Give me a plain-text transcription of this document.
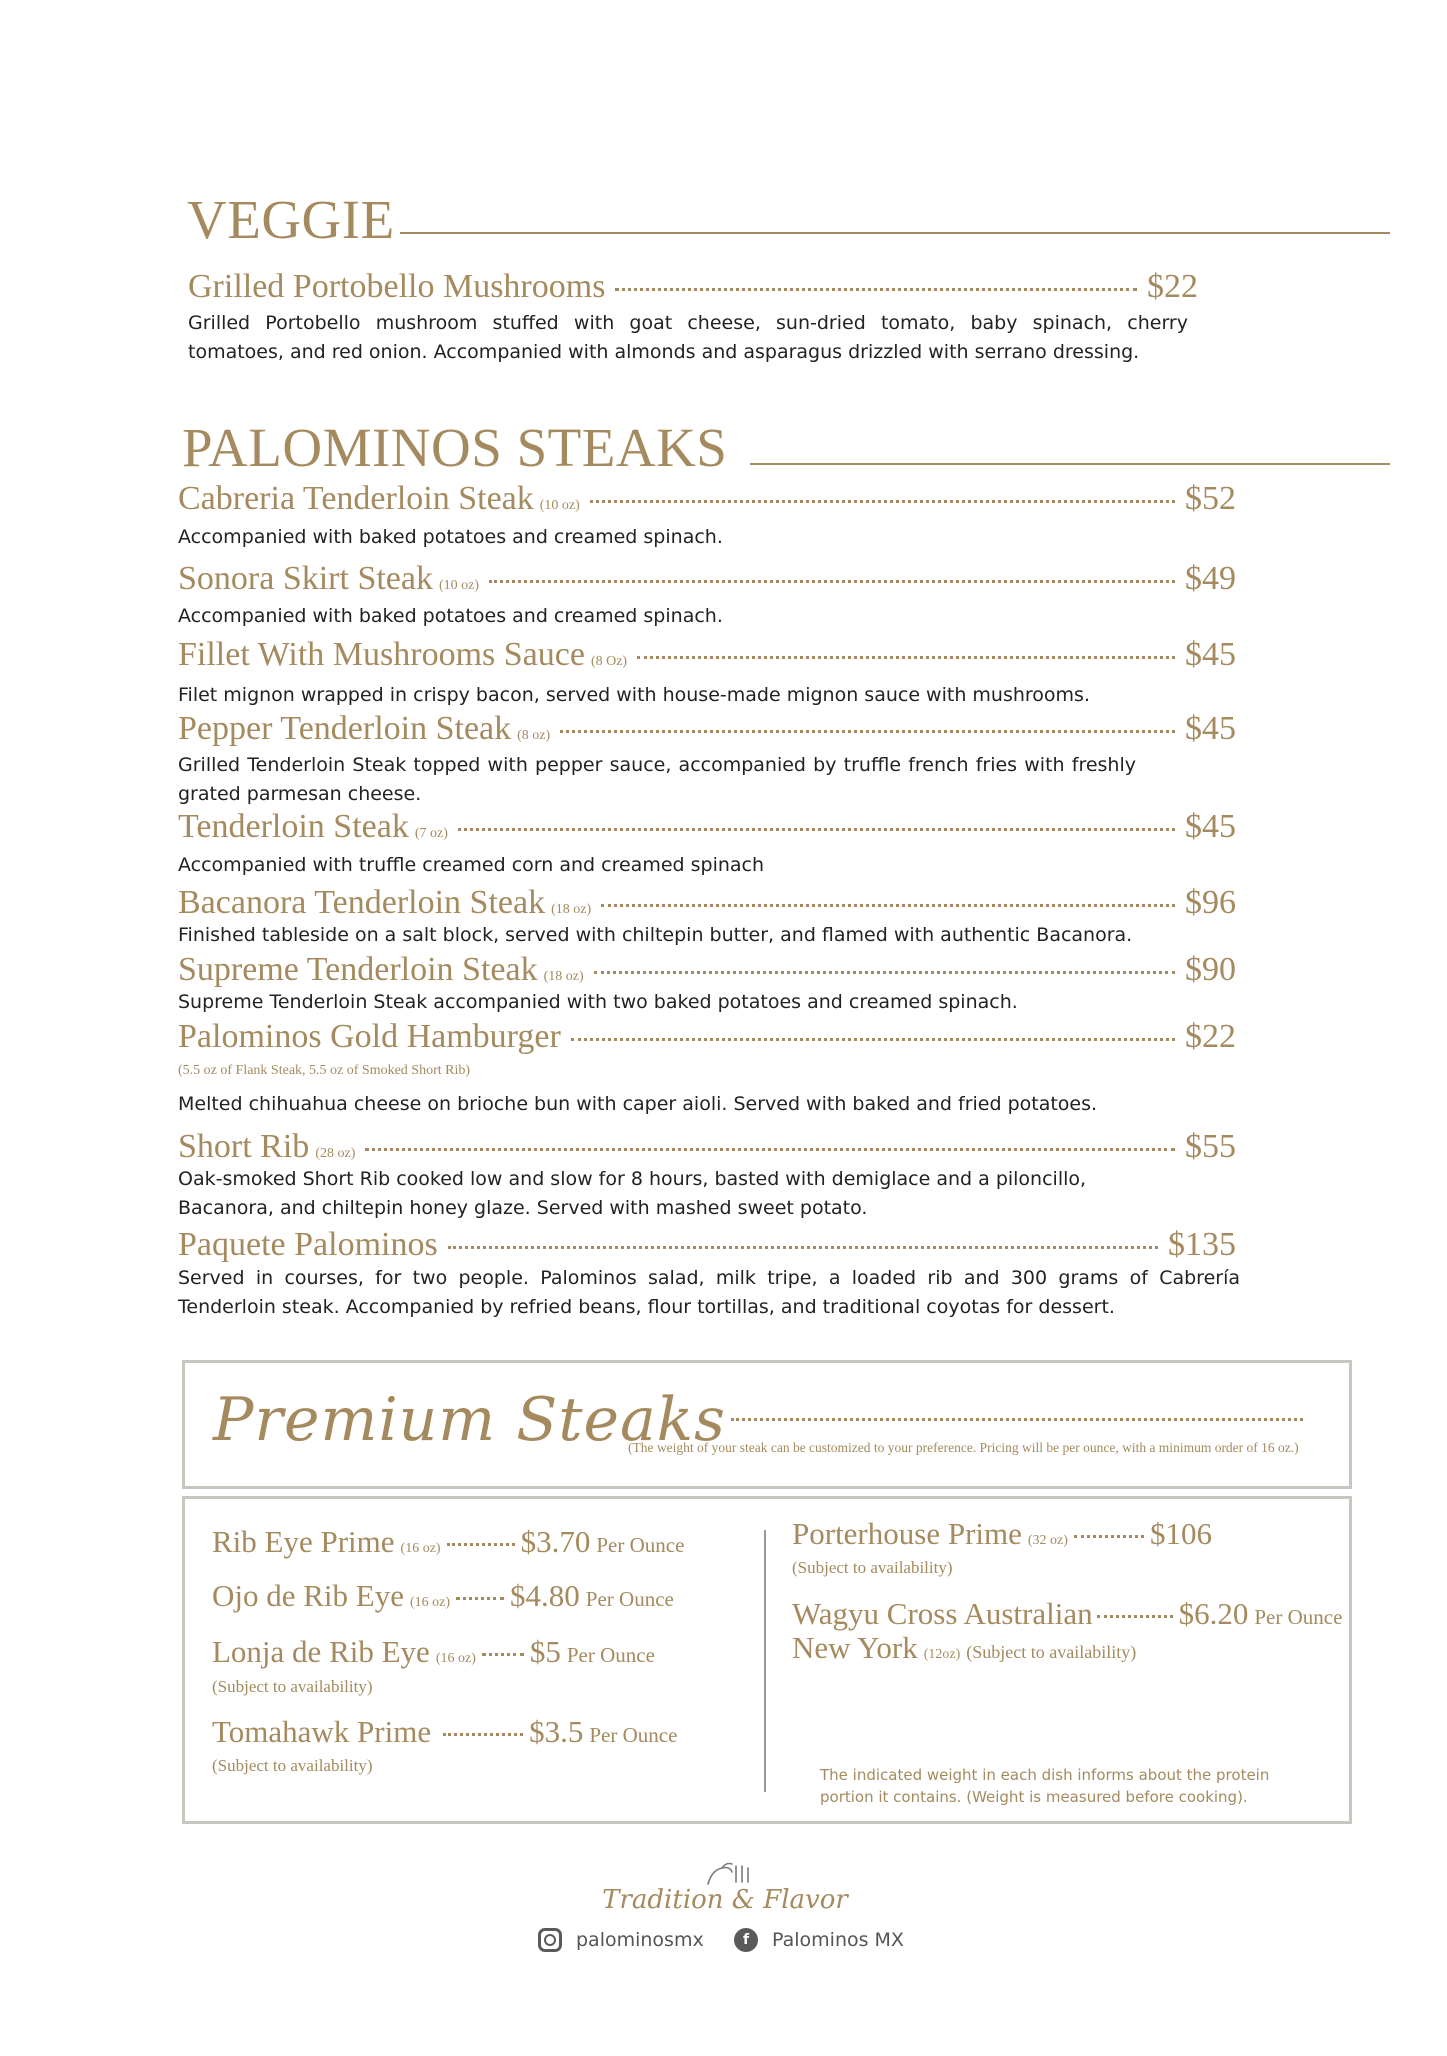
VEGGIE
Grilled Portobello Mushrooms	$22
Grilled Portobello mushroom stuffed with goat cheese, sun-dried tomato, baby spinach, cherry tomatoes, and red onion. Accompanied with almonds and asparagus drizzled with serrano dressing.
PALOMINOS STEAKS
Cabreria Tenderloin Steak (10 oz)	$52
Accompanied with baked potatoes and creamed spinach.
Sonora Skirt Steak (10 oz)	$49
Accompanied with baked potatoes and creamed spinach.
Fillet With Mushrooms Sauce (8 Oz)	$45
Filet mignon wrapped in crispy bacon, served with house-made mignon sauce with mushrooms.
Pepper Tenderloin Steak (8 oz)	$45
Grilled Tenderloin Steak topped with pepper sauce, accompanied by truffle french fries with freshly grated parmesan cheese.
Tenderloin Steak (7 oz)	$45
Accompanied with truffle creamed corn and creamed spinach
Bacanora Tenderloin Steak (18 oz)	$96
Finished tableside on a salt block, served with chiltepin butter, and flamed with authentic Bacanora.
Supreme Tenderloin Steak (18 oz)	$90
Supreme Tenderloin Steak accompanied with two baked potatoes and creamed spinach.
Palominos Gold Hamburger	$22
(5.5 oz of Flank Steak, 5.5 oz of Smoked Short Rib)
Melted chihuahua cheese on brioche bun with caper aioli. Served with baked and fried potatoes.
Short Rib (28 oz)	$55
Oak-smoked Short Rib cooked low and slow for 8 hours, basted with demiglace and a piloncillo, Bacanora, and chiltepin honey glaze. Served with mashed sweet potato.
Paquete Palominos	$135
Served in courses, for two people. Palominos salad, milk tripe, a loaded rib and 300 grams of Cabrería Tenderloin steak. Accompanied by refried beans, flour tortillas, and traditional coyotas for dessert.
Premium Steaks
(The weight of your steak can be customized to your preference. Pricing will be per ounce, with a minimum order of 16 oz.)
Rib Eye Prime (16 oz)	$3.70 Per Ounce
Ojo de Rib Eye (16 oz) $4.80 Per Ounce
Lonja de Rib Eye (16 oz) $5 Per Ounce
(Subject to availability)
Tomahawk Prime	$3.5 Per Ounce
(Subject to availability)
Porterhouse Prime (32 oz)	$106
(Subject to availability)
Wagyu Cross Australian	$6.20 Per Ounce
New York (12oz) (Subject to availability)
The indicated weight in each dish informs about the protein portion it contains. (Weight is measured before cooking).
Tradition & Flavor
palominosmx	f	Palominos MX
